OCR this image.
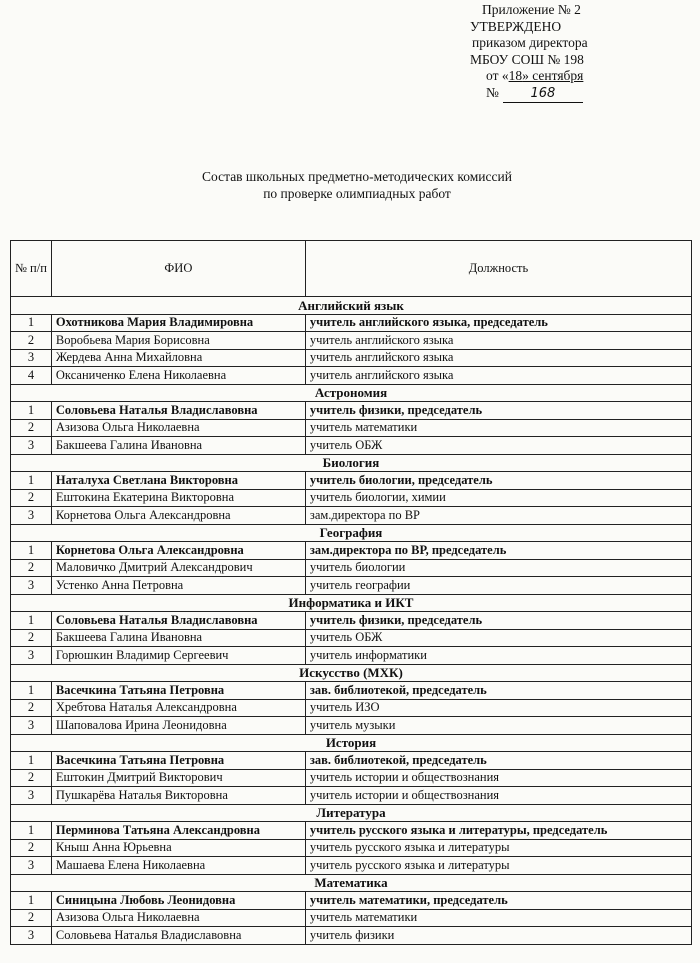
Приложение № 2
УТВЕРЖДЕНО
приказом директора
МБОУ СОШ № 198
от «18» сентября
№ 168
Состав школьных предметно-методических комиссий
по проверке олимпиадных работ
№ п/п	ФИО	Должность
Английский язык		
1	Охотникова Мария Владимировна	учитель английского языка, председатель
2	Воробьева Мария Борисовна	учитель английского языка
3	Жердева Анна Михайловна	учитель английского языка
4	Оксаниченко Елена Николаевна	учитель английского языка
Астрономия		
1	Соловьева Наталья Владиславовна	учитель физики, председатель
2	Азизова Ольга Николаевна	учитель математики
3	Бакшеева Галина Ивановна	учитель ОБЖ
Биология		
1	Наталуха Светлана Викторовна	учитель биологии, председатель
2	Ештокина Екатерина Викторовна	учитель биологии, химии
3	Корнетова Ольга Александровна	зам.директора по ВР
География		
1	Корнетова Ольга Александровна	зам.директора по ВР, председатель
2	Маловичко Дмитрий Александрович	учитель биологии
3	Устенко Анна Петровна	учитель географии
Информатика и ИКТ		
1	Соловьева Наталья Владиславовна	учитель физики, председатель
2	Бакшеева Галина Ивановна	учитель ОБЖ
3	Горюшкин Владимир Сергеевич	учитель информатики
Искусство (МХК)		
1	Васечкина Татьяна Петровна	зав. библиотекой, председатель
2	Хребтова Наталья Александровна	учитель ИЗО
3	Шаповалова Ирина Леонидовна	учитель музыки
История		
1	Васечкина Татьяна Петровна	зав. библиотекой, председатель
2	Ештокин Дмитрий Викторович	учитель истории и обществознания
3	Пушкарёва Наталья Викторовна	учитель истории и обществознания
Литература		
1	Перминова Татьяна Александровна	учитель русского языка и литературы, председатель
2	Кныш Анна Юрьевна	учитель русского языка и литературы
3	Машаева Елена Николаевна	учитель русского языка и литературы
Математика		
1	Синицына Любовь Леонидовна	учитель математики, председатель
2	Азизова Ольга Николаевна	учитель математики
3	Соловьева Наталья Владиславовна	учитель физики
